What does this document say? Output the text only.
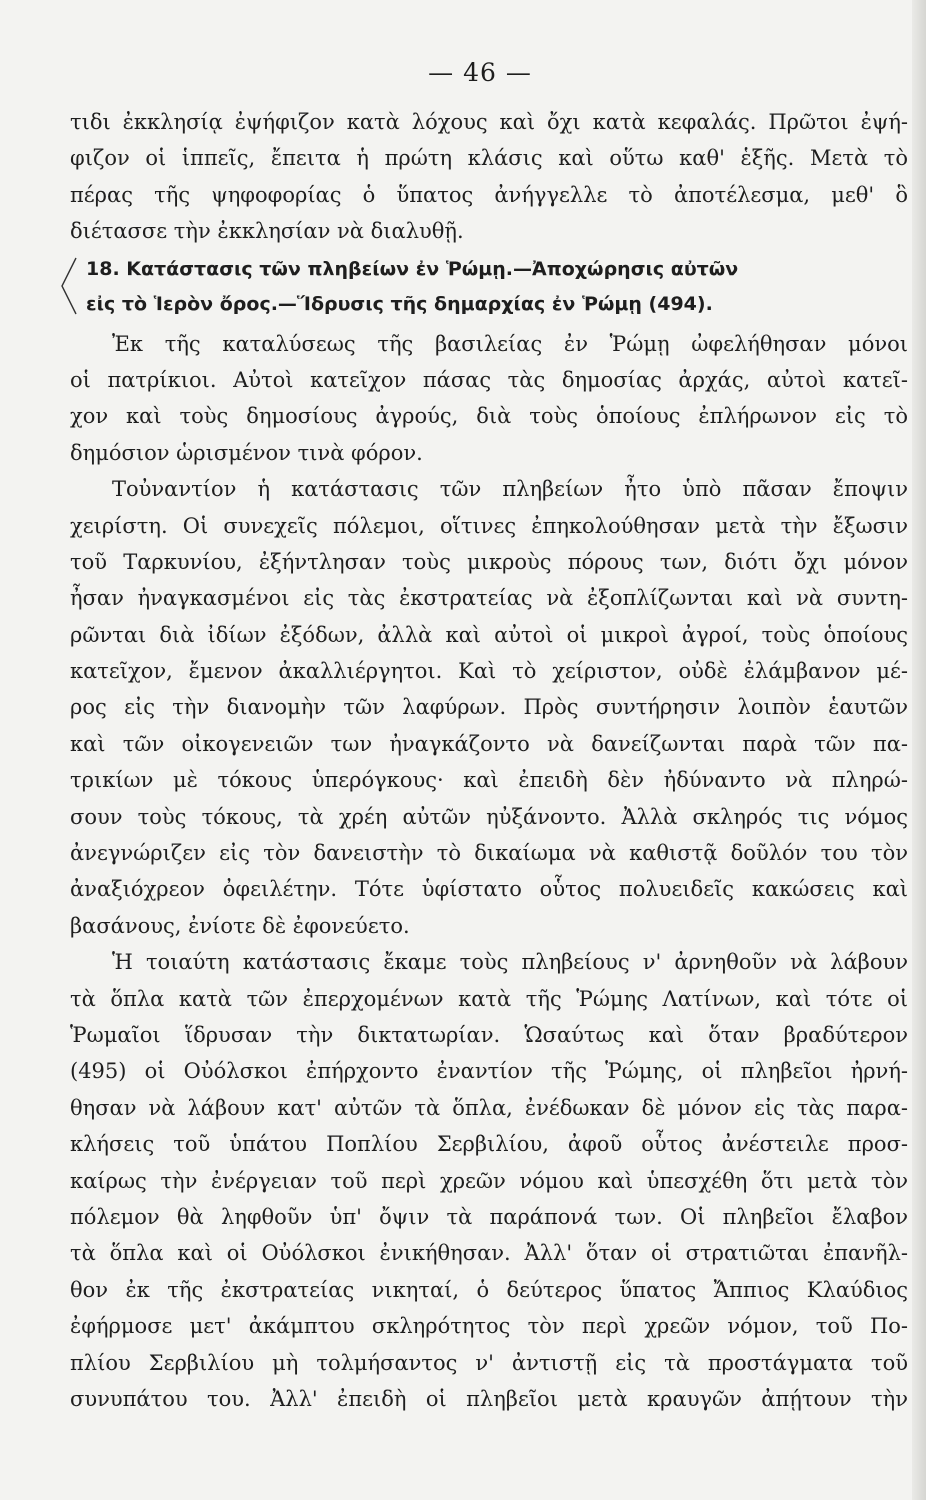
— 46 —
τιδι ἐκκλησίᾳ ἐψήφιζον κατὰ λόχους καὶ ὄχι κατὰ κεφαλάς. Πρῶτοι ἐψή-
φιζον οἱ ἱππεῖς, ἔπειτα ἡ πρώτη κλάσις καὶ οὕτω καθ' ἑξῆς. Μετὰ τὸ
πέρας τῆς ψηφοφορίας ὁ ὕπατος ἀνήγγελλε τὸ ἀποτέλεσμα, μεθ' ὃ
διέτασσε τὴν ἐκκλησίαν νὰ διαλυθῇ.
18. Κατάστασις τῶν πληβείων ἐν Ῥώμῃ.—Ἀποχώρησις αὐτῶν
εἰς τὸ Ἱερὸν ὄρος.—Ἵδρυσις τῆς δημαρχίας ἐν Ῥώμῃ (494).
Ἐκ τῆς καταλύσεως τῆς βασιλείας ἐν Ῥώμῃ ὠφελήθησαν μόνοι
οἱ πατρίκιοι. Αὐτοὶ κατεῖχον πάσας τὰς δημοσίας ἀρχάς, αὐτοὶ κατεῖ-
χον καὶ τοὺς δημοσίους ἀγρούς, διὰ τοὺς ὁποίους ἐπλήρωνον εἰς τὸ
δημόσιον ὡρισμένον τινὰ φόρον.
Τοὐναντίον ἡ κατάστασις τῶν πληβείων ἦτο ὑπὸ πᾶσαν ἔποψιν
χειρίστη. Οἱ συνεχεῖς πόλεμοι, οἵτινες ἐπηκολούθησαν μετὰ τὴν ἔξωσιν
τοῦ Ταρκυνίου, ἐξήντλησαν τοὺς μικροὺς πόρους των, διότι ὄχι μόνον
ἦσαν ἠναγκασμένοι εἰς τὰς ἐκστρατείας νὰ ἐξοπλίζωνται καὶ νὰ συντη-
ρῶνται διὰ ἰδίων ἐξόδων, ἀλλὰ καὶ αὐτοὶ οἱ μικροὶ ἀγροί, τοὺς ὁποίους
κατεῖχον, ἔμενον ἀκαλλιέργητοι. Καὶ τὸ χείριστον, οὐδὲ ἐλάμβανον μέ-
ρος εἰς τὴν διανομὴν τῶν λαφύρων. Πρὸς συντήρησιν λοιπὸν ἑαυτῶν
καὶ τῶν οἰκογενειῶν των ἠναγκάζοντο νὰ δανείζωνται παρὰ τῶν πα-
τρικίων μὲ τόκους ὑπερόγκους· καὶ ἐπειδὴ δὲν ἠδύναντο νὰ πληρώ-
σουν τοὺς τόκους, τὰ χρέη αὐτῶν ηὐξάνοντο. Ἀλλὰ σκληρός τις νόμος
ἀνεγνώριζεν εἰς τὸν δανειστὴν τὸ δικαίωμα νὰ καθιστᾷ δοῦλόν του τὸν
ἀναξιόχρεον ὀφειλέτην. Τότε ὑφίστατο οὗτος πολυειδεῖς κακώσεις καὶ
βασάνους, ἐνίοτε δὲ ἐφονεύετο.
Ἡ τοιαύτη κατάστασις ἔκαμε τοὺς πληβείους ν' ἀρνηθοῦν νὰ λάβουν
τὰ ὅπλα κατὰ τῶν ἐπερχομένων κατὰ τῆς Ῥώμης Λατίνων, καὶ τότε οἱ
Ῥωμαῖοι ἵδρυσαν τὴν δικτατωρίαν. Ὡσαύτως καὶ ὅταν βραδύτερον
(495) οἱ Οὐόλσκοι ἐπήρχοντο ἐναντίον τῆς Ῥώμης, οἱ πληβεῖοι ἠρνή-
θησαν νὰ λάβουν κατ' αὐτῶν τὰ ὅπλα, ἐνέδωκαν δὲ μόνον εἰς τὰς παρα-
κλήσεις τοῦ ὑπάτου Ποπλίου Σερβιλίου, ἀφοῦ οὗτος ἀνέστειλε προσ-
καίρως τὴν ἐνέργειαν τοῦ περὶ χρεῶν νόμου καὶ ὑπεσχέθη ὅτι μετὰ τὸν
πόλεμον θὰ ληφθοῦν ὑπ' ὄψιν τὰ παράπονά των. Οἱ πληβεῖοι ἔλαβον
τὰ ὅπλα καὶ οἱ Οὐόλσκοι ἐνικήθησαν. Ἀλλ' ὅταν οἱ στρατιῶται ἐπανῆλ-
θον ἐκ τῆς ἐκστρατείας νικηταί, ὁ δεύτερος ὕπατος Ἄππιος Κλαύδιος
ἐφήρμοσε μετ' ἀκάμπτου σκληρότητος τὸν περὶ χρεῶν νόμον, τοῦ Πο-
πλίου Σερβιλίου μὴ τολμήσαντος ν' ἀντιστῇ εἰς τὰ προστάγματα τοῦ
συνυπάτου του. Ἀλλ' ἐπειδὴ οἱ πληβεῖοι μετὰ κραυγῶν ἀπῄτουν τὴν
